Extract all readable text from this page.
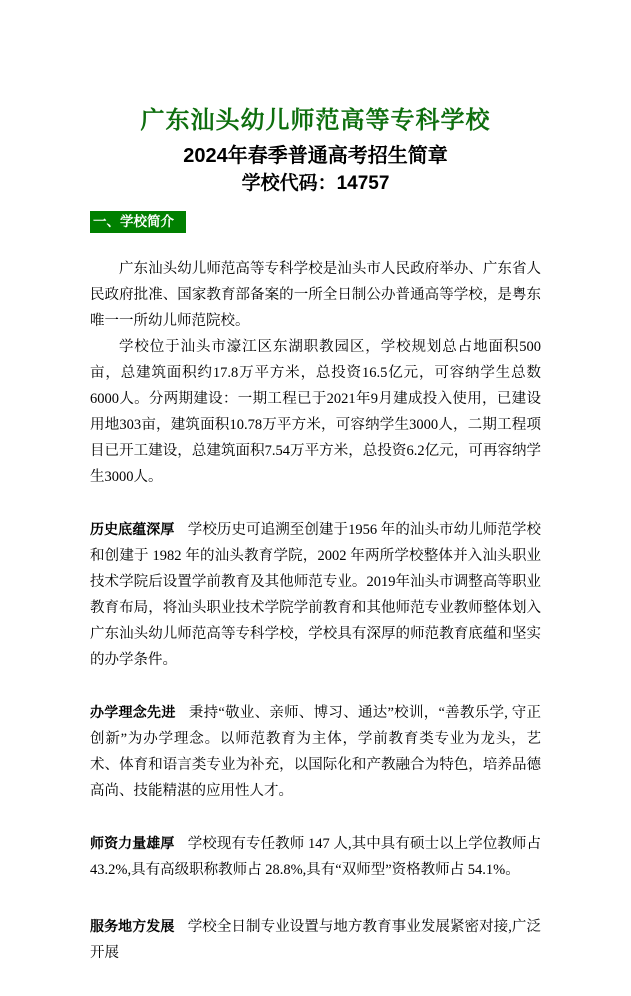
广东汕头幼儿师范高等专科学校
2024年春季普通高考招生简章
学校代码：14757
一、学校简介

广东汕头幼儿师范高等专科学校是汕头市人民政府举办、广东省人民政府批准、国家教育部备案的一所全日制公办普通高等学校，是粤东唯一一所幼儿师范院校。

学校位于汕头市濠江区东湖职教园区，学校规划总占地面积500亩，总建筑面积约17.8万平方米，总投资16.5亿元，可容纳学生总数6000人。分两期建设：一期工程已于2021年9月建成投入使用，已建设用地303亩，建筑面积10.78万平方米，可容纳学生3000人，二期工程项目已开工建设，总建筑面积7.54万平方米，总投资6.2亿元，可再容纳学生3000人。

历史底蕴深厚 学校历史可追溯至创建于1956 年的汕头市幼儿师范学校和创建于 1982 年的汕头教育学院，2002 年两所学校整体并入汕头职业技术学院后设置学前教育及其他师范专业。2019年汕头市调整高等职业教育布局，将汕头职业技术学院学前教育和其他师范专业教师整体划入广东汕头幼儿师范高等专科学校，学校具有深厚的师范教育底蕴和坚实的办学条件。

办学理念先进 秉持“敬业、亲师、博习、通达”校训，“善教乐学, 守正创新”为办学理念。以师范教育为主体，学前教育类专业为龙头，艺术、体育和语言类专业为补充，以国际化和产教融合为特色，培养品德高尚、技能精湛的应用性人才。

师资力量雄厚 学校现有专任教师 147 人,其中具有硕士以上学位教师占 43.2%,具有高级职称教师占 28.8%,具有“双师型”资格教师占 54.1%。

服务地方发展 学校全日制专业设置与地方教育事业发展紧密对接,广泛开展
